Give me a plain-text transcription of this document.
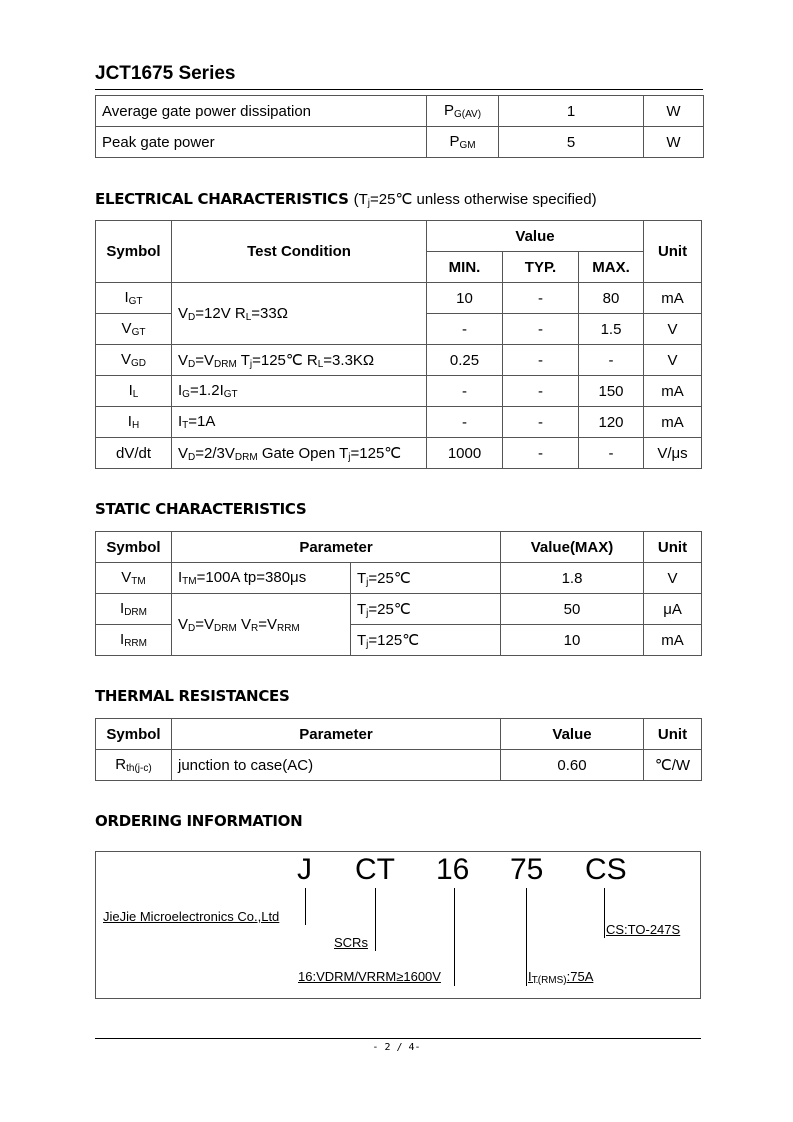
JCT1675 Series
Average gate power dissipation	$P_{G(AV)}$	1	W
Peak gate power	$P_{GM}$	5	W
ELECTRICAL CHARACTERISTICS ($T_j=25℃$ unless otherwise specified)
Symbol	Test Condition	Value			Unit
		MIN.	TYP.	MAX.	
$I_{GT}$	$V_D=12V$ $R_L=33\Omega$	10	-	80	mA
$V_{GT}$		-	-	1.5	V
$V_{GD}$	$V_D=V_{DRM}$ $T_j=125℃$ $R_L=3.3K\Omega$	0.25	-	-	V
$I_L$	$I_G=1.2I_{GT}$	-	-	150	mA
$I_H$	$I_T=1A$	-	-	120	mA
dV/dt	$V_D=2/3V_{DRM}$ Gate Open $T_j=125℃$	1000	-	-	V/μs
STATIC CHARACTERISTICS
Symbol	Parameter		Value(MAX)	Unit
$V_{TM}$	$I_{TM}=100A$ tp=380μs	$T_j=25℃$	1.8	V
$I_{DRM}$	$V_D=V_{DRM}$ $V_R=V_{RRM}$	$T_j=25℃$	50	μA
$I_{RRM}$		$T_j=125℃$	10	mA
THERMAL RESISTANCES
Symbol	Parameter	Value	Unit
$R_{th(j-c)}$	junction to case(AC)	0.60	℃/W
ORDERING INFORMATION
J CT 16 75 CS
JieJie Microelectronics Co.,Ltd
SCRs
16:VDRM/VRRM≥1600V	$I_{T(RMS)}:75A$
CS:TO-247S
- 2 / 4-
